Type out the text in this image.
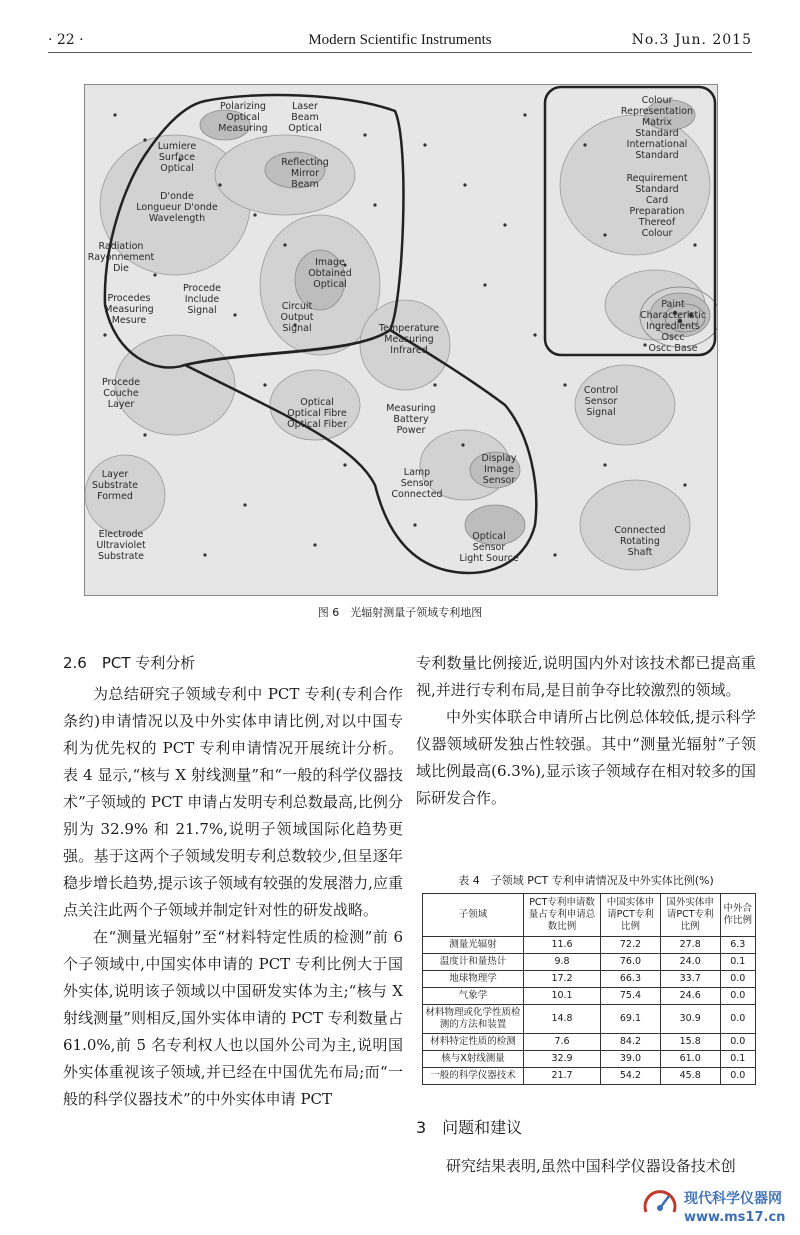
· 22 ·	Modern Scientific Instruments	No.3 Jun. 2015
Polarizing
Optical
Measuring
Laser
Beam
Optical
Lumiere
Surface
Optical
Reflecting
Mirror
Beam
D'onde
Longueur D'onde
Wavelength
Colour Representation
Matrix
Standard International Standard
Requirement Standard
Card Preparation Thereof
Colour
Radiation
Rayonnement
Die
Image
Obtained
Optical
Procede
Include
Signal
Procedes
Measuring
Mesure
Circuit
Output
Signal
Paint
Characteristic Ingredients Oscc
Oscc Base
Temperature
Measuring
Infrared
Procede
Couche
Layer	Optical
Optical Fibre
Optical Fiber
Measuring
Battery
Power
Control
Sensor
Signal
Display
Image
Sensor
Layer
Substrate
Formed
Lamp
Sensor
Connected
Electrode
Ultraviolet
Substrate
Optical
Sensor
Light Source
Connected
Rotating
Shaft
图 6　光辐射测量子领域专利地图

2.6　PCT 专利分析

为总结研究子领域专利中 PCT 专利(专利合作条约)申请情况以及中外实体申请比例,对以中国专利为优先权的 PCT 专利申请情况开展统计分析。表 4 显示,“核与 X 射线测量”和“一般的科学仪器技术”子领域的 PCT 申请占发明专利总数最高,比例分别为 32.9% 和 21.7%,说明子领域国际化趋势更强。基于这两个子领域发明专利总数较少,但呈逐年稳步增长趋势,提示该子领域有较强的发展潜力,应重点关注此两个子领域并制定针对性的研发战略。

在“测量光辐射”至“材料特定性质的检测”前 6 个子领域中,中国实体申请的 PCT 专利比例大于国外实体,说明该子领域以中国研发实体为主;“核与 X 射线测量”则相反,国外实体申请的 PCT 专利数量占 61.0%,前 5 名专利权人也以国外公司为主,说明国外实体重视该子领域,并已经在中国优先布局;而“一般的科学仪器技术”的中外实体申请 PCT

专利数量比例接近,说明国内外对该技术都已提高重视,并进行专利布局,是目前争夺比较激烈的领域。

中外实体联合申请所占比例总体较低,提示科学仪器领域研发独占性较强。其中“测量光辐射”子领域比例最高(6.3%),显示该子领域存在相对较多的国际研发合作。

表 4　子领域 PCT 专利申请情况及中外实体比例(%)
子领域	PCT专利申请数量占专利申请总数比例	中国实体申请PCT专利比例	国外实体申请PCT专利比例	中外合作比例
测量光辐射	11.6	72.2	27.8	6.3
温度计和量热计	9.8	76.0	24.0	0.1
地球物理学	17.2	66.3	33.7	0.0
气象学	10.1	75.4	24.6	0.0
材料物理或化学性质检测的方法和装置	14.8	69.1	30.9	0.0
材料特定性质的检测	7.6	84.2	15.8	0.0
核与X射线测量	32.9	39.0	61.0	0.1
一般的科学仪器技术	21.7	54.2	45.8	0.0
3　问题和建议
研究结果表明,虽然中国科学仪器设备技术创
现代科学仪器网
www.ms17.cn
